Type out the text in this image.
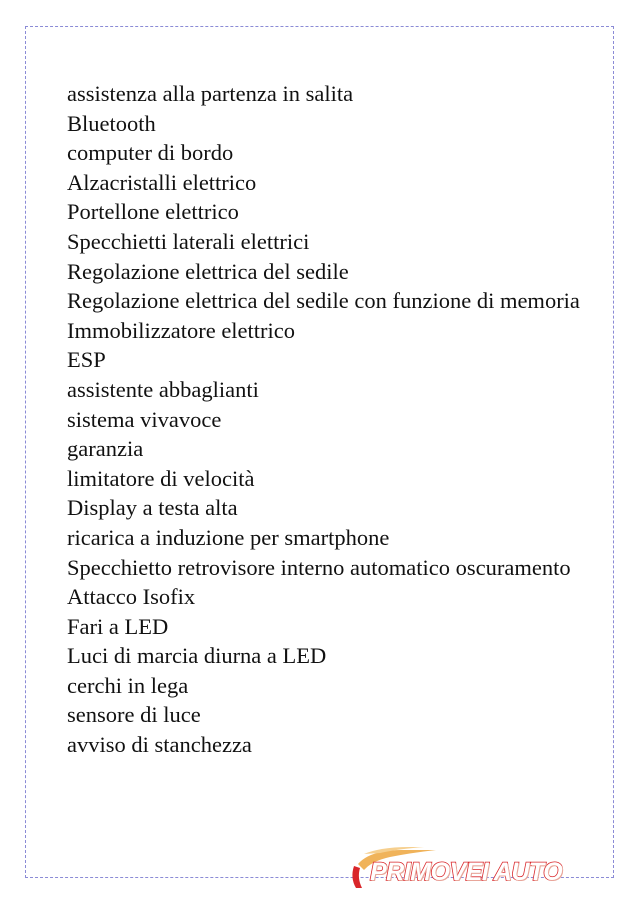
assistenza alla partenza in salita
Bluetooth
computer di bordo
Alzacristalli elettrico
Portellone elettrico
Specchietti laterali elettrici
Regolazione elettrica del sedile
Regolazione elettrica del sedile con funzione di memoria
Immobilizzatore elettrico
ESP
assistente abbaglianti
sistema vivavoce
garanzia
limitatore di velocità
Display a testa alta
ricarica a induzione per smartphone
Specchietto retrovisore interno automatico oscuramento
Attacco Isofix
Fari a LED
Luci di marcia diurna a LED
cerchi in lega
sensore di luce
avviso di stanchezza
PRIMOVEI AUTO
